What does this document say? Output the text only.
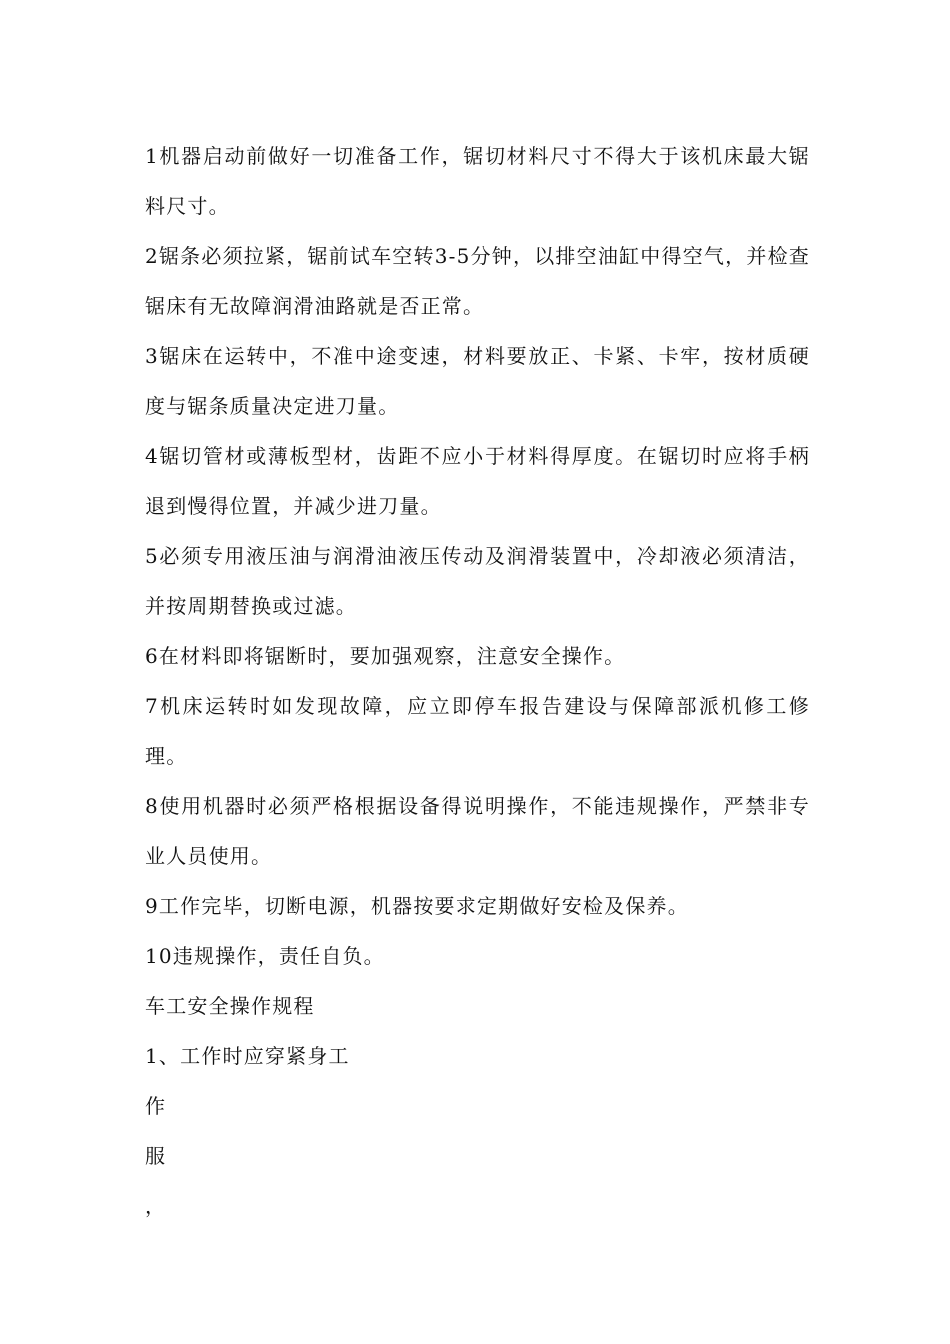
1机器启动前做好一切准备工作，锯切材料尺寸不得大于该机床最大锯料尺寸。

2锯条必须拉紧，锯前试车空转3-5分钟，以排空油缸中得空气，并检查锯床有无故障润滑油路就是否正常。

3锯床在运转中，不准中途变速，材料要放正、卡紧、卡牢，按材质硬度与锯条质量决定进刀量。

4锯切管材或薄板型材，齿距不应小于材料得厚度。在锯切时应将手柄退到慢得位置，并减少进刀量。

5必须专用液压油与润滑油液压传动及润滑装置中，冷却液必须清洁，并按周期替换或过滤。

6在材料即将锯断时，要加强观察，注意安全操作。

7机床运转时如发现故障，应立即停车报告建设与保障部派机修工修理。

8使用机器时必须严格根据设备得说明操作，不能违规操作，严禁非专业人员使用。

9工作完毕，切断电源，机器按要求定期做好安检及保养。

10违规操作，责任自负。

车工安全操作规程

1、工作时应穿紧身工

作

服

，
